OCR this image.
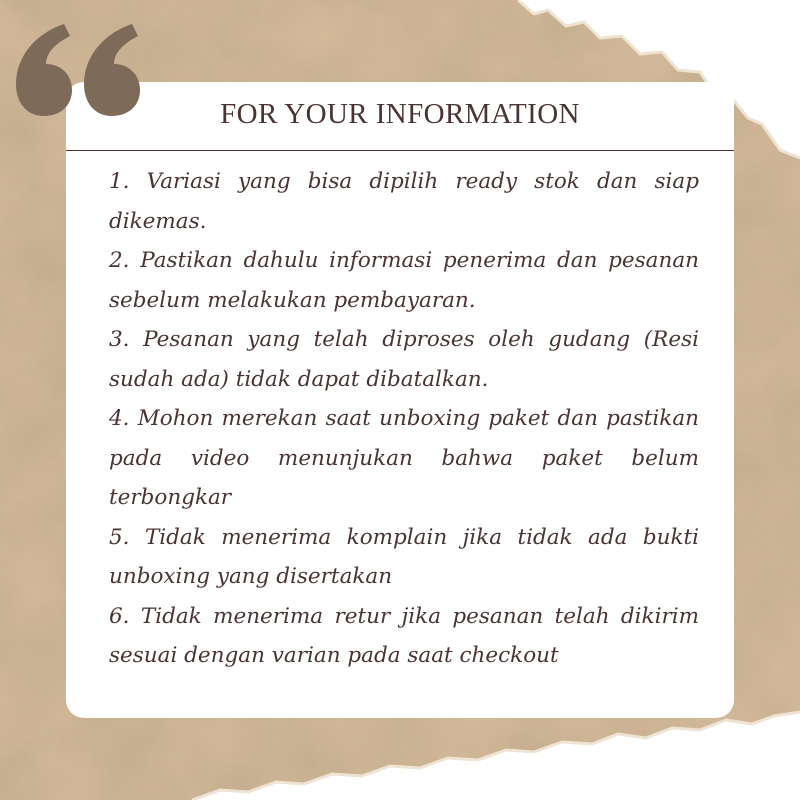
FOR YOUR INFORMATION
1. Variasi yang bisa dipilih ready stok dan siap dikemas.
2. Pastikan dahulu informasi penerima dan pesanan sebelum melakukan pembayaran.
3. Pesanan yang telah diproses oleh gudang (Resi sudah ada) tidak dapat dibatalkan.
4. Mohon merekan saat unboxing paket dan pastikan pada video menunjukan bahwa paket belum terbongkar
5. Tidak menerima komplain jika tidak ada bukti unboxing yang disertakan
6. Tidak menerima retur jika pesanan telah dikirim sesuai dengan varian pada saat checkout
